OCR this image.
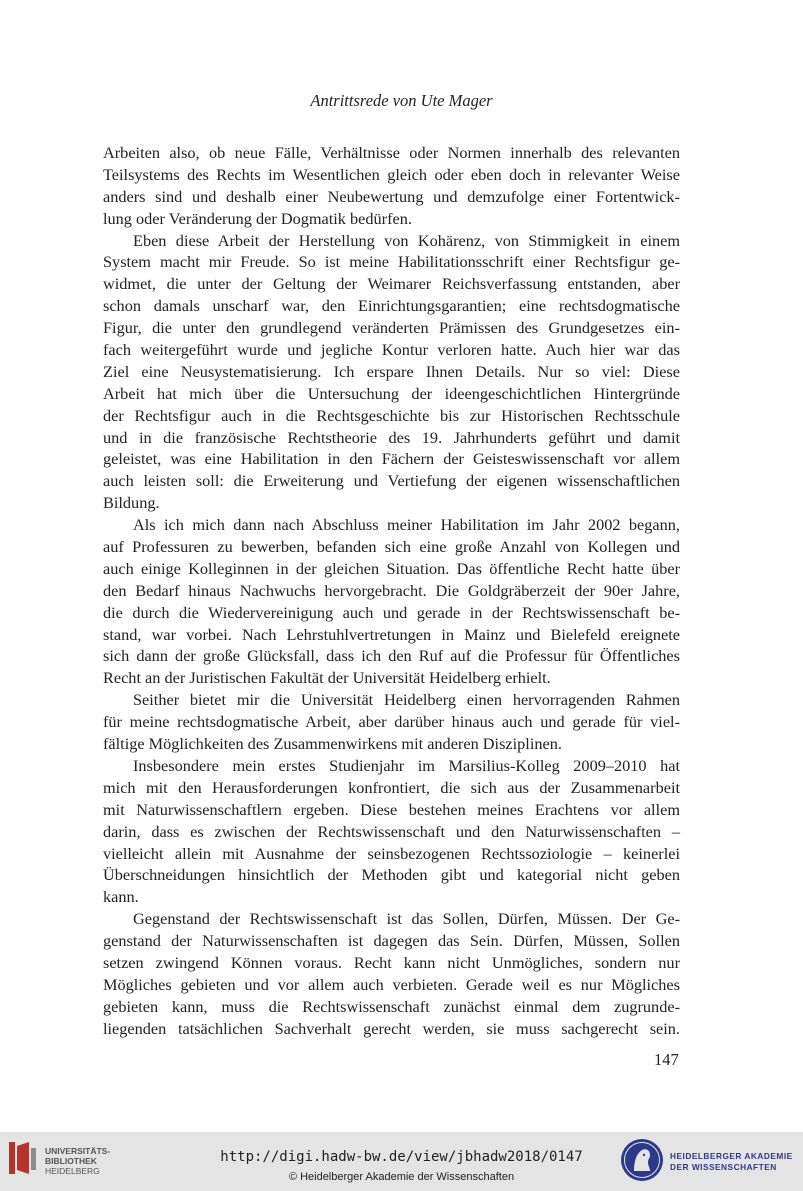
Antrittsrede von Ute Mager
Arbeiten also, ob neue Fälle, Verhältnisse oder Normen innerhalb des relevanten
Teilsystems des Rechts im Wesentlichen gleich oder eben doch in relevanter Weise
anders sind und deshalb einer Neubewertung und demzufolge einer Fortentwick-
lung oder Veränderung der Dogmatik bedürfen.
Eben diese Arbeit der Herstellung von Kohärenz, von Stimmigkeit in einem
System macht mir Freude. So ist meine Habilitationsschrift einer Rechtsfigur ge-
widmet, die unter der Geltung der Weimarer Reichsverfassung entstanden, aber
schon damals unscharf war, den Einrichtungsgarantien; eine rechtsdogmatische
Figur, die unter den grundlegend veränderten Prämissen des Grundgesetzes ein-
fach weitergeführt wurde und jegliche Kontur verloren hatte. Auch hier war das
Ziel eine Neusystematisierung. Ich erspare Ihnen Details. Nur so viel: Diese
Arbeit hat mich über die Untersuchung der ideengeschichtlichen Hintergründe
der Rechtsfigur auch in die Rechtsgeschichte bis zur Historischen Rechtsschule
und in die französische Rechtstheorie des 19. Jahrhunderts geführt und damit
geleistet, was eine Habilitation in den Fächern der Geisteswissenschaft vor allem
auch leisten soll: die Erweiterung und Vertiefung der eigenen wissenschaftlichen
Bildung.
Als ich mich dann nach Abschluss meiner Habilitation im Jahr 2002 begann,
auf Professuren zu bewerben, befanden sich eine große Anzahl von Kollegen und
auch einige Kolleginnen in der gleichen Situation. Das öffentliche Recht hatte über
den Bedarf hinaus Nachwuchs hervorgebracht. Die Goldgräberzeit der 90er Jahre,
die durch die Wiedervereinigung auch und gerade in der Rechtswissenschaft be-
stand, war vorbei. Nach Lehrstuhlvertretungen in Mainz und Bielefeld ereignete
sich dann der große Glücksfall, dass ich den Ruf auf die Professur für Öffentliches
Recht an der Juristischen Fakultät der Universität Heidelberg erhielt.
Seither bietet mir die Universität Heidelberg einen hervorragenden Rahmen
für meine rechtsdogmatische Arbeit, aber darüber hinaus auch und gerade für viel-
fältige Möglichkeiten des Zusammenwirkens mit anderen Disziplinen.
Insbesondere mein erstes Studienjahr im Marsilius-Kolleg 2009–2010 hat
mich mit den Herausforderungen konfrontiert, die sich aus der Zusammenarbeit
mit Naturwissenschaftlern ergeben. Diese bestehen meines Erachtens vor allem
darin, dass es zwischen der Rechtswissenschaft und den Naturwissenschaften –
vielleicht allein mit Ausnahme der seinsbezogenen Rechtssoziologie – keinerlei
Überschneidungen hinsichtlich der Methoden gibt und kategorial nicht geben
kann.
Gegenstand der Rechtswissenschaft ist das Sollen, Dürfen, Müssen. Der Ge-
genstand der Naturwissenschaften ist dagegen das Sein. Dürfen, Müssen, Sollen
setzen zwingend Können voraus. Recht kann nicht Unmögliches, sondern nur
Mögliches gebieten und vor allem auch verbieten. Gerade weil es nur Mögliches
gebieten kann, muss die Rechtswissenschaft zunächst einmal dem zugrunde-
liegenden tatsächlichen Sachverhalt gerecht werden, sie muss sachgerecht sein.
147
UNIVERSITÄTS-
BIBLIOTHEK
HEIDELBERG
http://digi.hadw-bw.de/view/jbhadw2018/0147
© Heidelberger Akademie der Wissenschaften
HEIDELBERGER AKADEMIE
DER WISSENSCHAFTEN
